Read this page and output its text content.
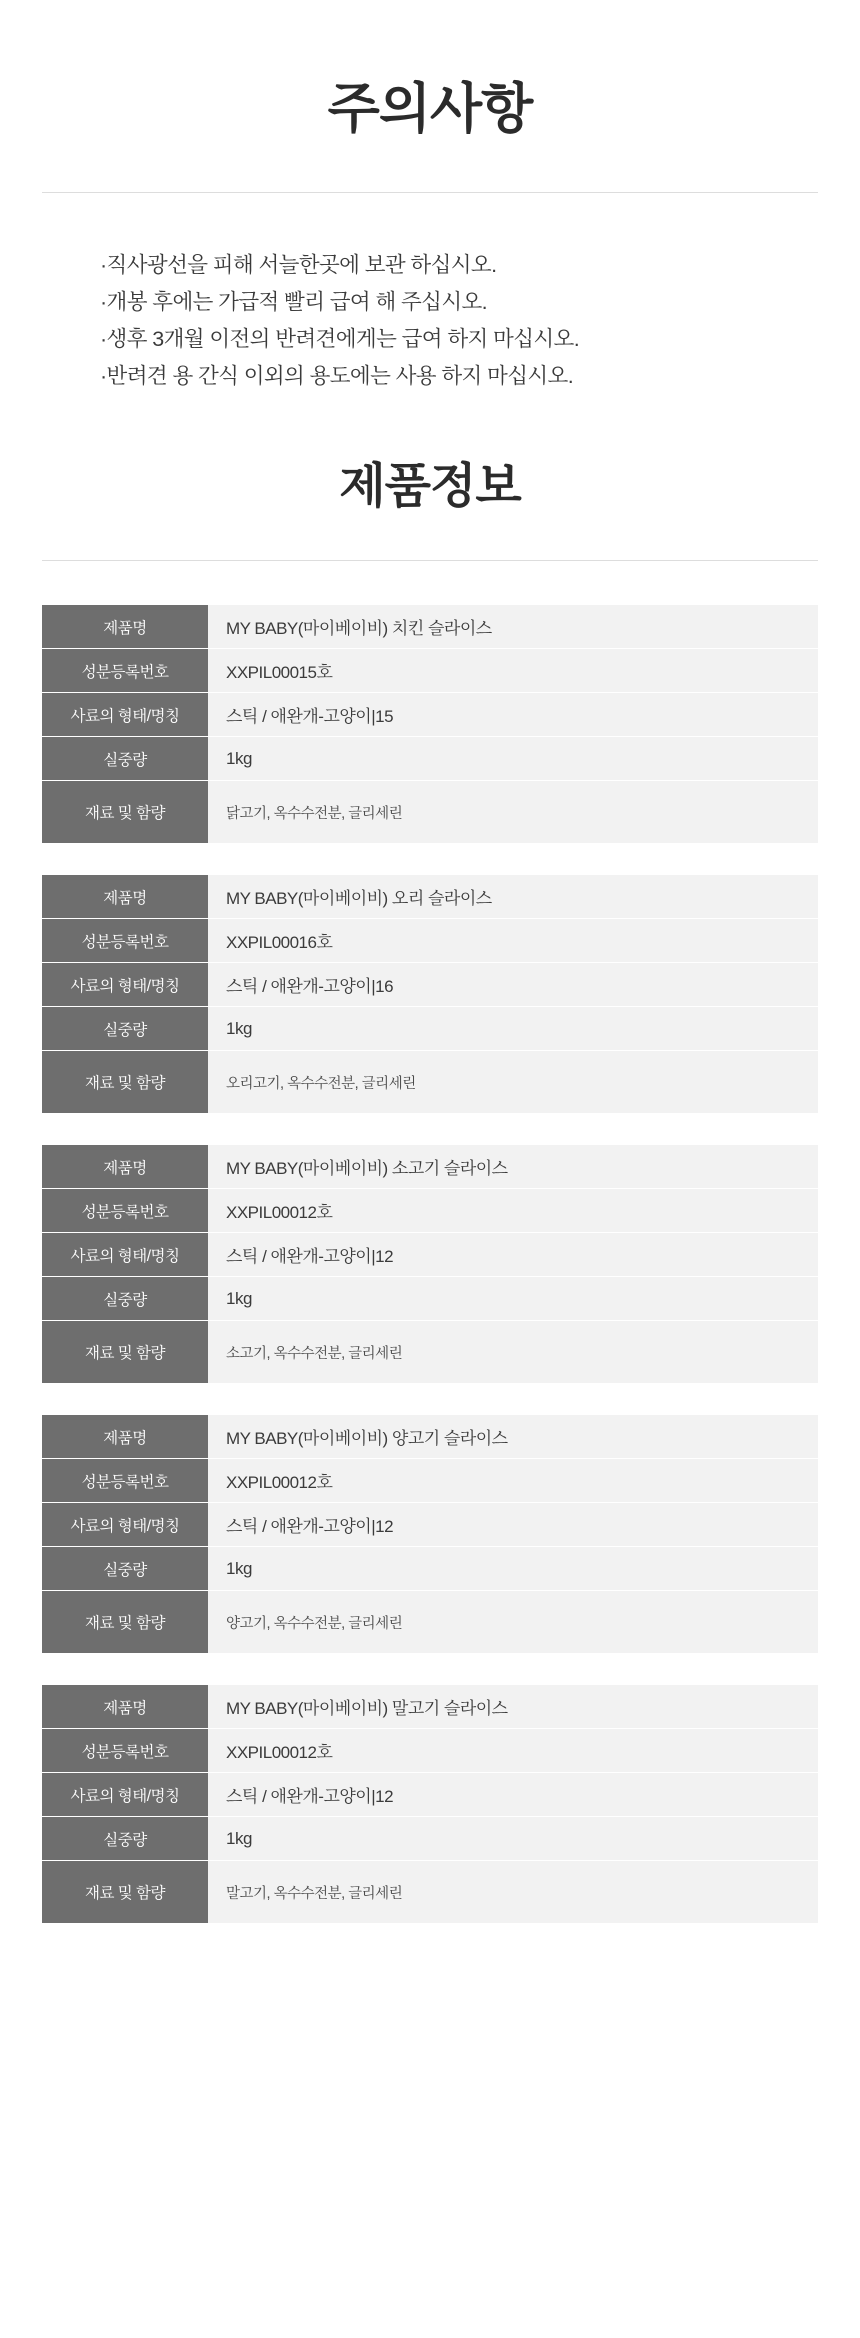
주의사항
·직사광선을 피해 서늘한곳에 보관 하십시오.
·개봉 후에는 가급적 빨리 급여 해 주십시오.
·생후 3개월 이전의 반려견에게는 급여 하지 마십시오.
·반려견 용 간식 이외의 용도에는 사용 하지 마십시오.
제품정보
제품명	MY BABY(마이베이비) 치킨 슬라이스
성분등록번호	XXPIL00015호
사료의 형태/명칭	스틱 / 애완개-고양이|15
실중량	1kg
재료 및 함량	닭고기, 옥수수전분, 글리세린
제품명	MY BABY(마이베이비) 오리 슬라이스
성분등록번호	XXPIL00016호
사료의 형태/명칭	스틱 / 애완개-고양이|16
실중량	1kg
재료 및 함량	오리고기, 옥수수전분, 글리세린
제품명	MY BABY(마이베이비) 소고기 슬라이스
성분등록번호	XXPIL00012호
사료의 형태/명칭	스틱 / 애완개-고양이|12
실중량	1kg
재료 및 함량	소고기, 옥수수전분, 글리세린
제품명	MY BABY(마이베이비) 양고기 슬라이스
성분등록번호	XXPIL00012호
사료의 형태/명칭	스틱 / 애완개-고양이|12
실중량	1kg
재료 및 함량	양고기, 옥수수전분, 글리세린
제품명	MY BABY(마이베이비) 말고기 슬라이스
성분등록번호	XXPIL00012호
사료의 형태/명칭	스틱 / 애완개-고양이|12
실중량	1kg
재료 및 함량	말고기, 옥수수전분, 글리세린
